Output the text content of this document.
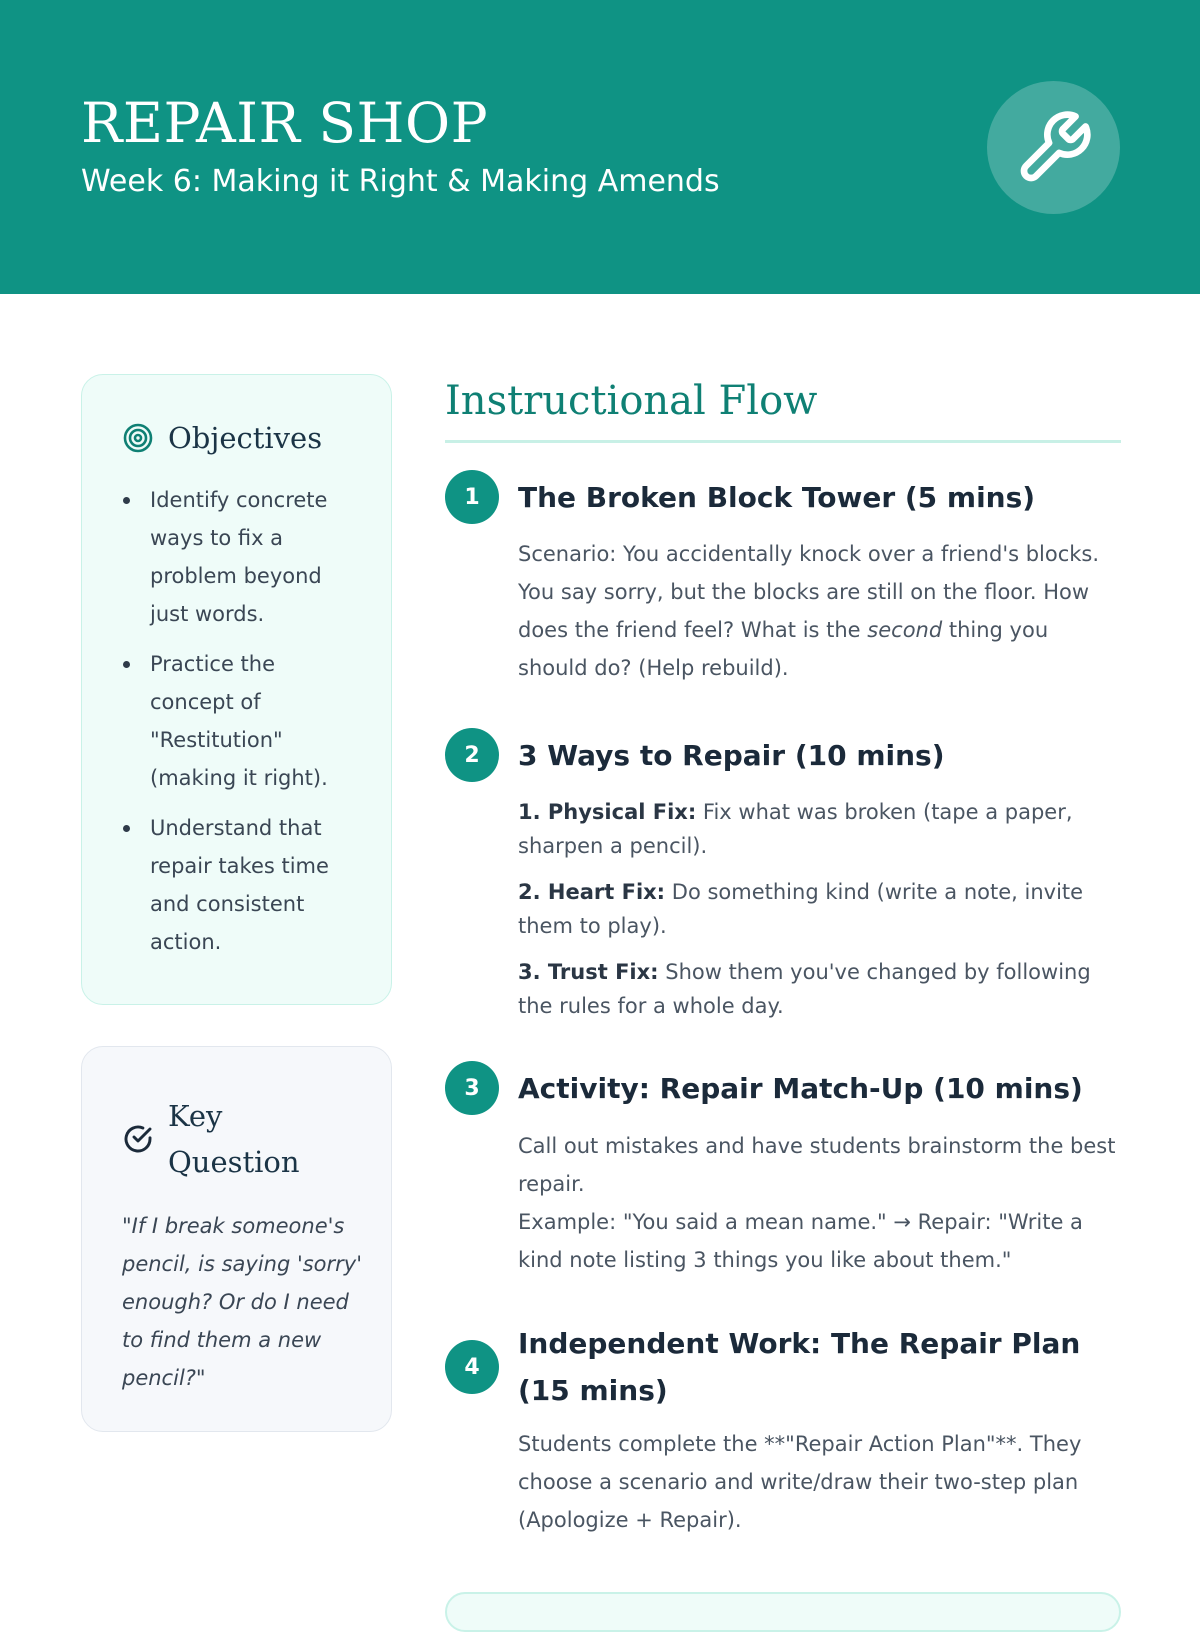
REPAIR SHOP
Week 6: Making it Right & Making Amends
Objectives
Identify concrete ways to fix a problem beyond just words.
Practice the concept of "Restitution" (making it right).
Understand that repair takes time and consistent action.
Key
Question
"If I break someone's pencil, is saying 'sorry' enough? Or do I need to find them a new pencil?"
Instructional Flow
1	The Broken Block Tower (5 mins)
Scenario: You accidentally knock over a friend's blocks. You say sorry, but the blocks are still on the floor. How does the friend feel? What is the second thing you should do? (Help rebuild).
2	3 Ways to Repair (10 mins)
1. Physical Fix: Fix what was broken (tape a paper, sharpen a pencil).
2. Heart Fix: Do something kind (write a note, invite them to play).
3. Trust Fix: Show them you've changed by following the rules for a whole day.
3	Activity: Repair Match-Up (10 mins)
Call out mistakes and have students brainstorm the best repair.
Example: "You said a mean name." → Repair: "Write a kind note listing 3 things you like about them."
4
Independent Work: The Repair Plan (15 mins)
Students complete the **"Repair Action Plan"**. They choose a scenario and write/draw their two-step plan (Apologize + Repair).
